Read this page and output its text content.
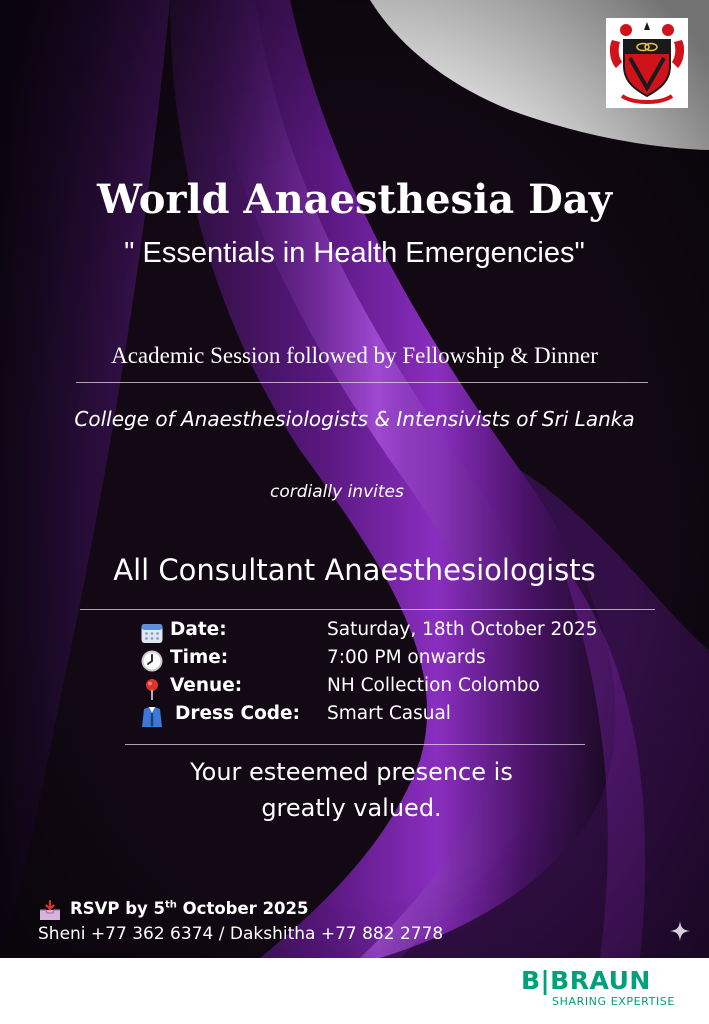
World Anaesthesia Day
" Essentials in Health Emergencies"
Academic Session followed by Fellowship & Dinner
College of Anaesthesiologists & Intensivists of Sri Lanka
cordially invites
All Consultant Anaesthesiologists
Date:	Saturday, 18th October 2025
Time:	7:00 PM onwards
Venue:	NH Collection Colombo
Dress Code: Smart Casual
Your esteemed presence is
greatly valued.
RSVP by 5th October 2025
Sheni +77 362 6374 / Dakshitha +77 882 2778
B|BRAUN
SHARING EXPERTISE
